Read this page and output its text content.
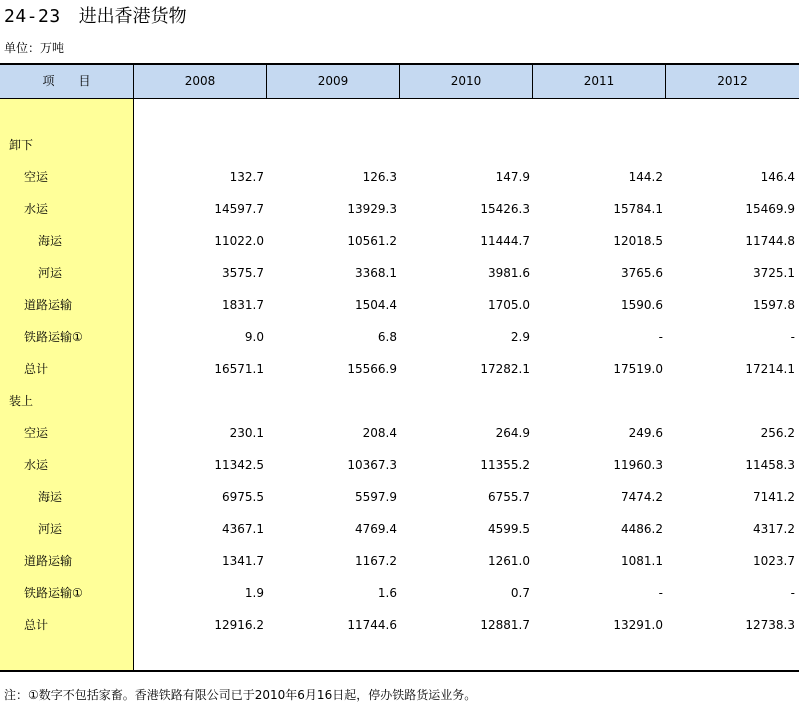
24-23 进出香港货物
单位：万吨
项　　目	2008	2009	2010	2011	2012
卸下
空运	132.7	126.3	147.9	144.2	146.4
水运	14597.7	13929.3	15426.3	15784.1	15469.9
海运	11022.0	10561.2	11444.7	12018.5	11744.8
河运	3575.7	3368.1	3981.6	3765.6	3725.1
道路运输	1831.7	1504.4	1705.0	1590.6	1597.8
铁路运输①	9.0	6.8	2.9	-	-
总计	16571.1	15566.9	17282.1	17519.0	17214.1
装上
空运	230.1	208.4	264.9	249.6	256.2
水运	11342.5	10367.3	11355.2	11960.3	11458.3
海运	6975.5	5597.9	6755.7	7474.2	7141.2
河运	4367.1	4769.4	4599.5	4486.2	4317.2
道路运输	1341.7	1167.2	1261.0	1081.1	1023.7
铁路运输①	1.9	1.6	0.7	-	-
总计	12916.2	11744.6	12881.7	13291.0	12738.3
注：①数字不包括家畜。香港铁路有限公司已于2010年6月16日起，停办铁路货运业务。
